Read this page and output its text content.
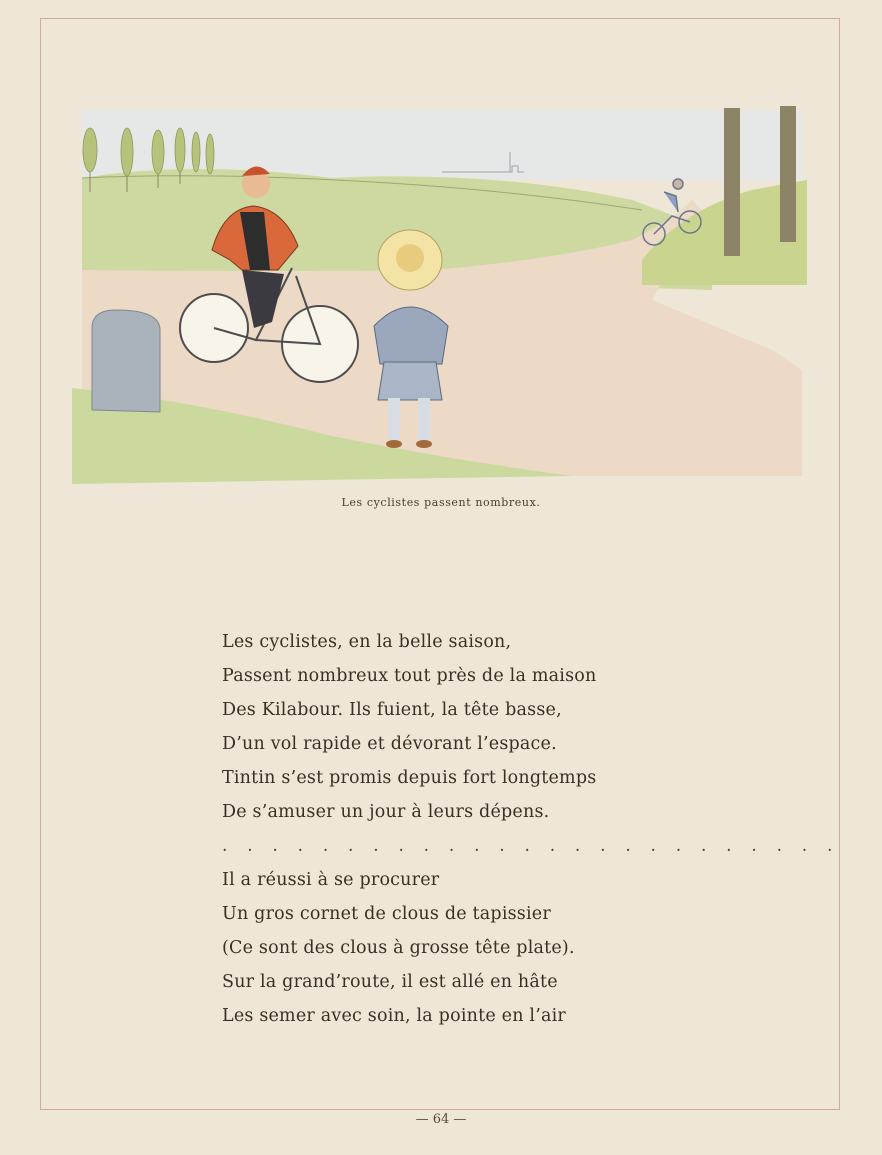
Les cyclistes passent nombreux.
Les cyclistes, en la belle saison,
Passent nombreux tout près de la maison
Des Kilabour. Ils fuient, la tête basse,
D’un vol rapide et dévorant l’espace.
Tintin s’est promis depuis fort longtemps
De s’amuser un jour à leurs dépens.
. . . . . . . . . . . . . . . . . . . . . . . . .
Il a réussi à se procurer
Un gros cornet de clous de tapissier
(Ce sont des clous à grosse tête plate).
Sur la grand’route, il est allé en hâte
Les semer avec soin, la pointe en l’air
— 64 —
